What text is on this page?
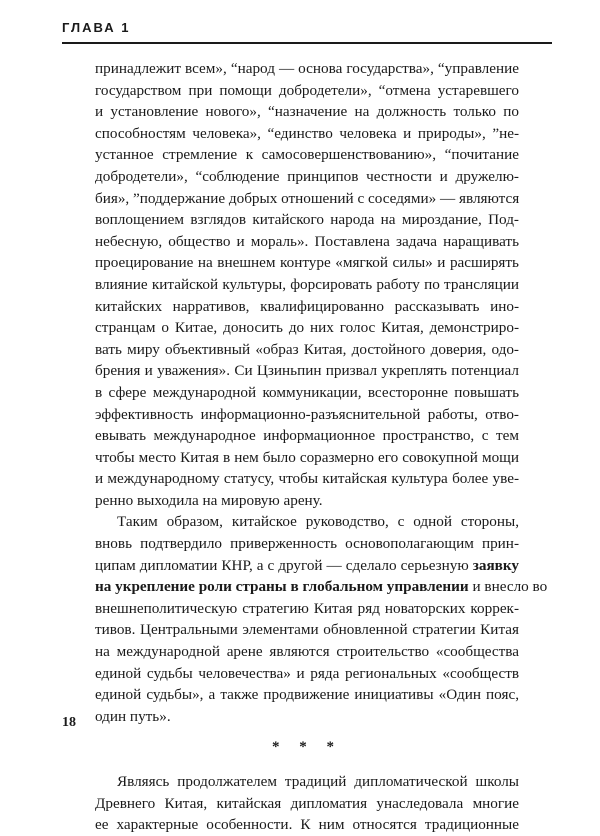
ГЛАВА 1
принадлежит всем», “народ — основа государства», “управление
государством при помощи добродетели», “отмена устаревшего
и установление нового», “назначение на должность только по
способностям человека», “единство человека и природы», ”не-
устанное стремление к самосовершенствованию», “почитание
добродетели», “соблюдение принципов честности и дружелю-
бия», ”поддержание добрых отношений с соседями» — являются
воплощением взглядов китайского народа на мироздание, Под-
небесную, общество и мораль». Поставлена задача наращивать
проецирование на внешнем контуре «мягкой силы» и расширять
влияние китайской культуры, форсировать работу по трансляции
китайских нарративов, квалифицированно рассказывать ино-
странцам о Китае, доносить до них голос Китая, демонстриро-
вать миру объективный «образ Китая, достойного доверия, одо-
брения и уважения». Си Цзиньпин призвал укреплять потенциал
в сфере международной коммуникации, всесторонне повышать
эффективность информационно-разъяснительной работы, отво-
евывать международное информационное пространство, с тем
чтобы место Китая в нем было соразмерно его совокупной мощи
и международному статусу, чтобы китайская культура более уве-
ренно выходила на мировую арену.
Таким образом, китайское руководство, с одной стороны,
вновь подтвердило приверженность основополагающим прин-
ципам дипломатии КНР, а с другой — сделало серьезную заявку
на укрепление роли страны в глобальном управлении и внесло во
внешнеполитическую стратегию Китая ряд новаторских коррек-
тивов. Центральными элементами обновленной стратегии Китая
на международной арене являются строительство «сообщества
единой судьбы человечества» и ряда региональных «сообществ
единой судьбы», а также продвижение инициативы «Один пояс,
один путь».
* * *
Являясь продолжателем традиций дипломатической школы
Древнего Китая, китайская дипломатия унаследовала многие
ее характерные особенности. К ним относятся традиционные
18
